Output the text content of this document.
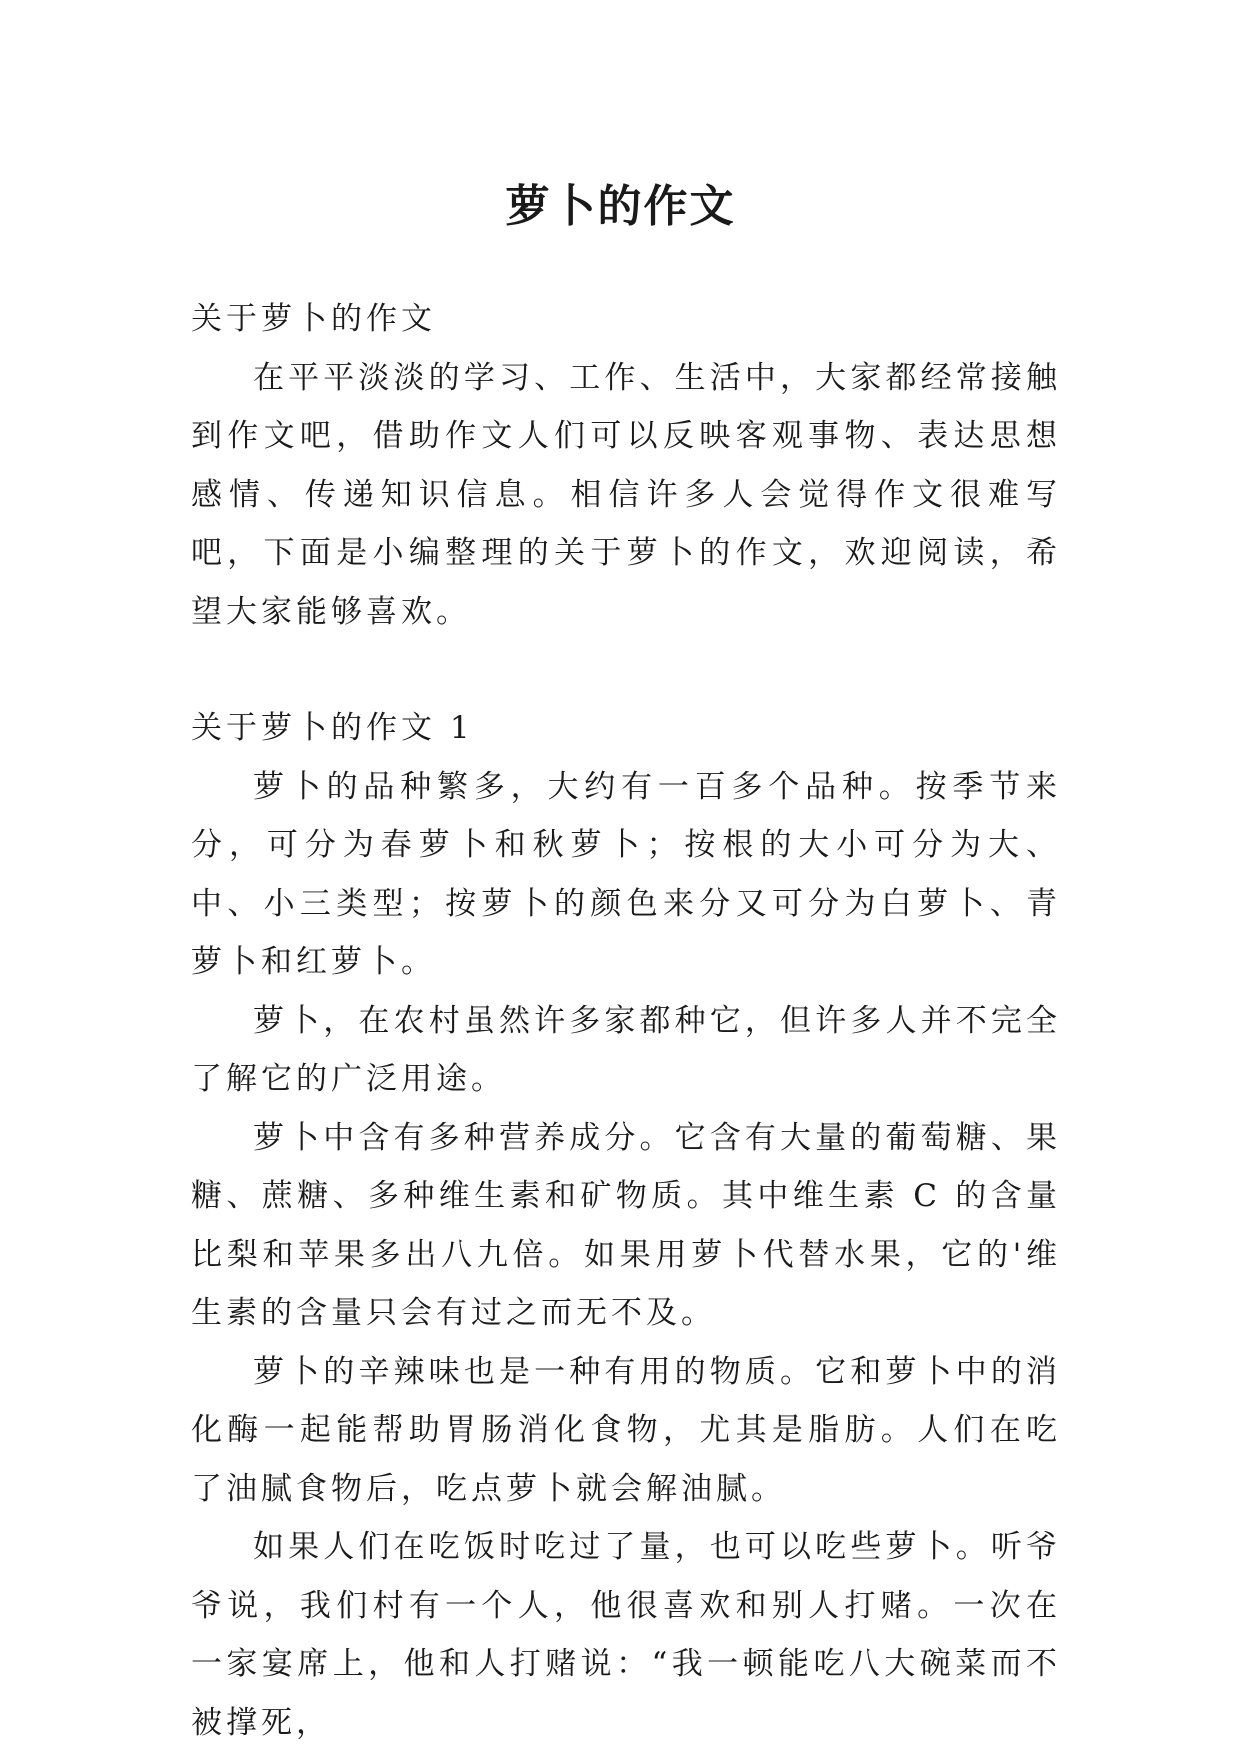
萝卜的作文

关于萝卜的作文

在平平淡淡的学习、工作、生活中，大家都经常接触到作文吧，借助作文人们可以反映客观事物、表达思想感情、传递知识信息。相信许多人会觉得作文很难写吧，下面是小编整理的关于萝卜的作文，欢迎阅读，希望大家能够喜欢。

关于萝卜的作文 1

萝卜的品种繁多，大约有一百多个品种。按季节来分，可分为春萝卜和秋萝卜；按根的大小可分为大、中、小三类型；按萝卜的颜色来分又可分为白萝卜、青萝卜和红萝卜。

萝卜，在农村虽然许多家都种它，但许多人并不完全了解它的广泛用途。

萝卜中含有多种营养成分。它含有大量的葡萄糖、果糖、蔗糖、多种维生素和矿物质。其中维生素 C 的含量比梨和苹果多出八九倍。如果用萝卜代替水果，它的'维生素的含量只会有过之而无不及。

萝卜的辛辣味也是一种有用的物质。它和萝卜中的消化酶一起能帮助胃肠消化食物，尤其是脂肪。人们在吃了油腻食物后，吃点萝卜就会解油腻。

如果人们在吃饭时吃过了量，也可以吃些萝卜。听爷爷说，我们村有一个人，他很喜欢和别人打赌。一次在一家宴席上，他和人打赌说：“我一顿能吃八大碗菜而不被撑死，
